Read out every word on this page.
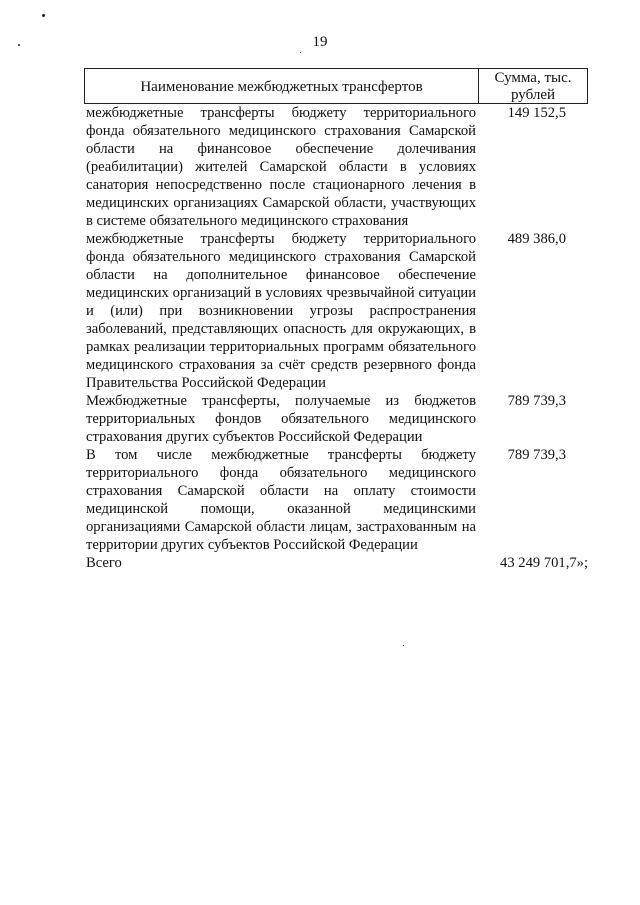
19
Наименование межбюджетных трансфертов
Сумма, тыс.
рублей
межбюджетные трансферты бюджету территориального фонда обязательного медицинского страхования Самарской области на финансовое обеспечение долечивания (реабилитации) жителей Самарской области в условиях санатория непосредственно после стационарного лечения в медицинских организациях Самарской области, участвующих в системе обязательного медицинского страхования
149 152,5
межбюджетные трансферты бюджету территориального фонда обязательного медицинского страхования Самарской области на дополнительное финансовое обеспечение медицинских организаций в условиях чрезвычайной ситуации и (или) при возникновении угрозы распространения заболеваний, представляющих опасность для окружающих, в рамках реализации территориальных программ обязательного медицинского страхования за счёт средств резервного фонда Правительства Российской Федерации
489 386,0
Межбюджетные трансферты, получаемые из бюджетов территориальных фондов обязательного медицинского страхования других субъектов Российской Федерации
789 739,3
В том числе межбюджетные трансферты бюджету территориального фонда обязательного медицинского страхования Самарской области на оплату стоимости медицинской помощи, оказанной медицинскими организациями Самарской области лицам, застрахованным на территории других субъектов Российской Федерации
789 739,3
Всего	43 249 701,7»;
